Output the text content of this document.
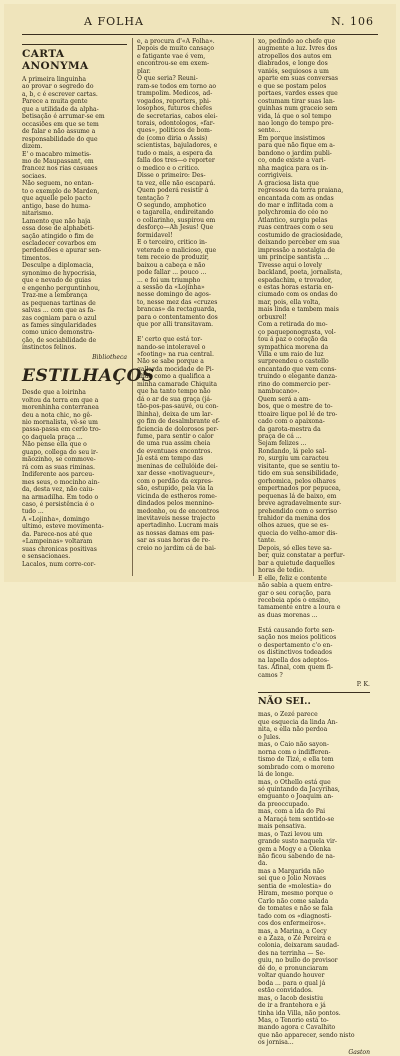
A FOLHA	N. 106
CARTA ANONYMA
A primeira linguinha
ao provar o segredo do
a, b, c é escrever cartas.
Parece a muita gente
que a utilidade da alpha-
betisação é arrumar-se em
occasiões em que se tem
de falar e não assume a
responsabilidade do que
dizem.
E' o macabro mimetis-
mo de Maupassant, em
francez nos rias casuaes
sociaes.
Não seguem, no entan-
to o exemplo de Marden,
que aquelle pelo pacto
antigo, base do huma-
nitarismo.
Lamento que não haja
essa dose de alphabeti-
sação atingido o fim de
escladecer covarbos em
perdendões e apurar sen-
timentos.
Desculpe a diplomacia,
synonimo de hypocrisia,
que e nevado de guias
e engenho perguntinhou,
Traz-me a lembrança
as pequenas tartinas de
salvas ... com que as fa-
zas cogniam para o azul
as fames singularidades
como unico demonstra-
ção, de sociabilidade de
instinctos felinos.
Bibliotheca
ESTILHAÇOS
Desde que a loirinha
voltou da terra em que a
morenhinha conterranea
deu a nota chic, no gê-
nio mornalista, vê-se um
passa-passa em cerlo tro-
ço daquela praça ...
Não pense ella que o
guapo, collega do seu ir-
mãozinho, se commove-
rá com as suas riminas.
Indiferente aos parceu-
mes seus, o mocinho ain-
da, desta vez, não caiu-
na armadilha. Em todo o
caso, é persistência é o
tudo ...
A «Lojinha», domingo
ultimo, esteve movimenta-
da. Parece-nos até que
«Lampeinas» voltaram
suas chronicas positivas
e sensacionaes.
Lacalos, num corre-cor-
e, a procura d'«A Folha».
Depois de muito cansaço
e fatigante vae é vem,
encontrou-se em exem-
plar.
O que seria? Reuni-
ram-se todos em torno ao
trampolim. Medicos, ad-
vogados, reporters, phi-
losophos, futuros chefes
de secretarias, cabos elei-
torais, odontologos, «far-
ques», politicos de bom-
de (como diria o Assis)
scientistas, bajuladores, e
tudo o mais, a espera da
falla dos tres—o reporter
o medico e o critico.
Disse o primeiro: Des-
ta vez, elle não escapará.
Quem poderá resistir á
tentação ?
O segundo, amphotico
e tagarella, endireitando
o collarinho, suspirou em
desforço—Ah Jesus! Que
formidavel!
E o terceiro, critico in-
veterado e malicioso, que
tem receio de produzir,
baixou a cabeça e não
pode fallar ... pouco ...
... e foi um triumpho
a sessão da «Lojinha»
nesse domingo de agos-
to, nesse mez das «cruzes
brancas» da rectaguarda,
para o contentamento dos
que por alli transitavam.

E' certo que está tor-
nando-se intoleravel o
«footing» na rua central.
Não se sabe porque a
gallarda mocidade de Pi-
nhal, como a qualifica a
minha camarade Chiquita
que ha tanto tempo não
dá o ar de sua graça (já-
tão-pos-pas-sauvé, ou con-
lhinha), deixa de um lar-
go fim de desalmbrante ef-
ficiencia de dolorosos per-
fume, para sentir o calor
de uma rua assim cheia
de eventuaes encontros.
Já está em tempo das
meninas de cellulóide dei-
xar desse «notivagueur»,
com o perdão da expres-
são, estupido, pela via la
vicinda de estheros rome-
dindados pelos mennino-
medonho, ou de encontros
inevitaveis nesse trajecto
apertadinho. Lucram mais
as nossas damas em pas-
sar as suas horas de re-
creio no jardim cá de bai-
xo, pedindo ao chefe que
augmente a luz. Ivres dos
atropellos dos autos em
diabrados, e longe dos
vaniés, sequiosos a um
aparte em suas conversas
e que se postam pelos
portaes, vardes esses que
costumam tirar suas lan-
guinhas num graceio sem
vida, lá que o sol tempo
nao longo do tempo pre-
sente...
Em porque insistimos
para que não fique em a-
bandono o jardim publi-
co, onde existe a vari-
nha magica para os in-
corrigiveis.
A graciosa lista que
regressou da terra praiana,
encantada com as ondas
do mar e inflitada com a
polychromia do céo no
Atlantico, surgiu pelas
ruas centraes com o seu
costumido de graciosidade,
deixando perceber em sua
impressão a nostalgia de
um principe santista ...
Tivesse aqui o lovely
backland, poeta, jornalista,
espadachim, e trovador,
e estas horas estaria en-
ciumado com os ondas do
mar, pois, ella volta,
mais linda e tambem mais
orbuxrel!
Com a retirada do mo-
ço paqueponograsta, vol-
tou á paz o coração da
sympathica morena da
Villa e um raio de luz
surpreendeu o castello
encantado que vem cons-
truindo o elegante danza-
rino do commercio per-
nambucano».
Quem será a am-
bos, que o mestre de to-
ttoaire lique pol lé de tro-
cado com o apaixona-
da garota-mestra da
praça de cá ...
Sejam felizes ...
Rondando, lá pelo sal-
ro, surgiu um caracteu
visitante, que se sentiu to-
tido em sua sensibilidade,
gorhomica, pelos olhares
empertnados por pepucea,
pequenas lá de baixo, em
breve agradavelmente sur-
prehendido com o sorriso
trahidor da menina dos
olhos azues, que se es-
quecia do velho-amor dis-
tante.
Depois, só elles teve sa-
ber, quiz constatar a perfur-
bar a quietude daquelles
horas de tedio.
E elle, feliz e contente
não sabia a quem entre-
gar o seu coração, para
recebeia após o ensino,
tamamente entre a loura e
as duas morenas ...

Está causando forte sen-
sação nos meios politicos
o despertamento c'o en-
os distinctivos todeados
na lapella dos adeptos-
tas. Afinal, com quem fi-
camos ?
P. K.
NÃO SEI..
mas, o Zezé parece
que esquecia da linda An-
nita, e ella não perdoa
o Jules.
mas, o Caio não sayon-
norna com o indifferen-
tismo de Tizé, e ella tem
sombrado com o moreno
lá de longe.
mas, o Othello está que
só quintando da Jacyrihas,
emguanto o Joaquim an-
da preoccupado.
mas, com a ida do Pai
a Maraçá tem sentido-se
mais pensativa.
mas, o Tazi levou um
grande susto naquela vir-
gem a Mogy e a Olenka
não ficou sabendo de na-
da.
mas a Margarida não
sei que o Jolio Novaes
sentia de «molestia» do
Hiram, mesmo porque o
Carlo não come salada
de tomates e não se fala
tado com os «diagnosti-
cos dos enfermeiros».
mas, a Marina, a Cecy
e a Zaza, o Zé Pereira e
colonia, deixaram saudad-
des na terrinha — Se-
guiu, no bullo do provisor
dé do, e pronunciaram
voltar quando houver
boda ... para o qual já
estão convidados.
mas, o Iacob desistiu
de ir a frantehora e já
tinha ida Villa, não pontos.
Mas, o Tenorio está to-
mando agora c Cavalhito
que não apparecer, sendo nisto
os jornisa...
Gaston
